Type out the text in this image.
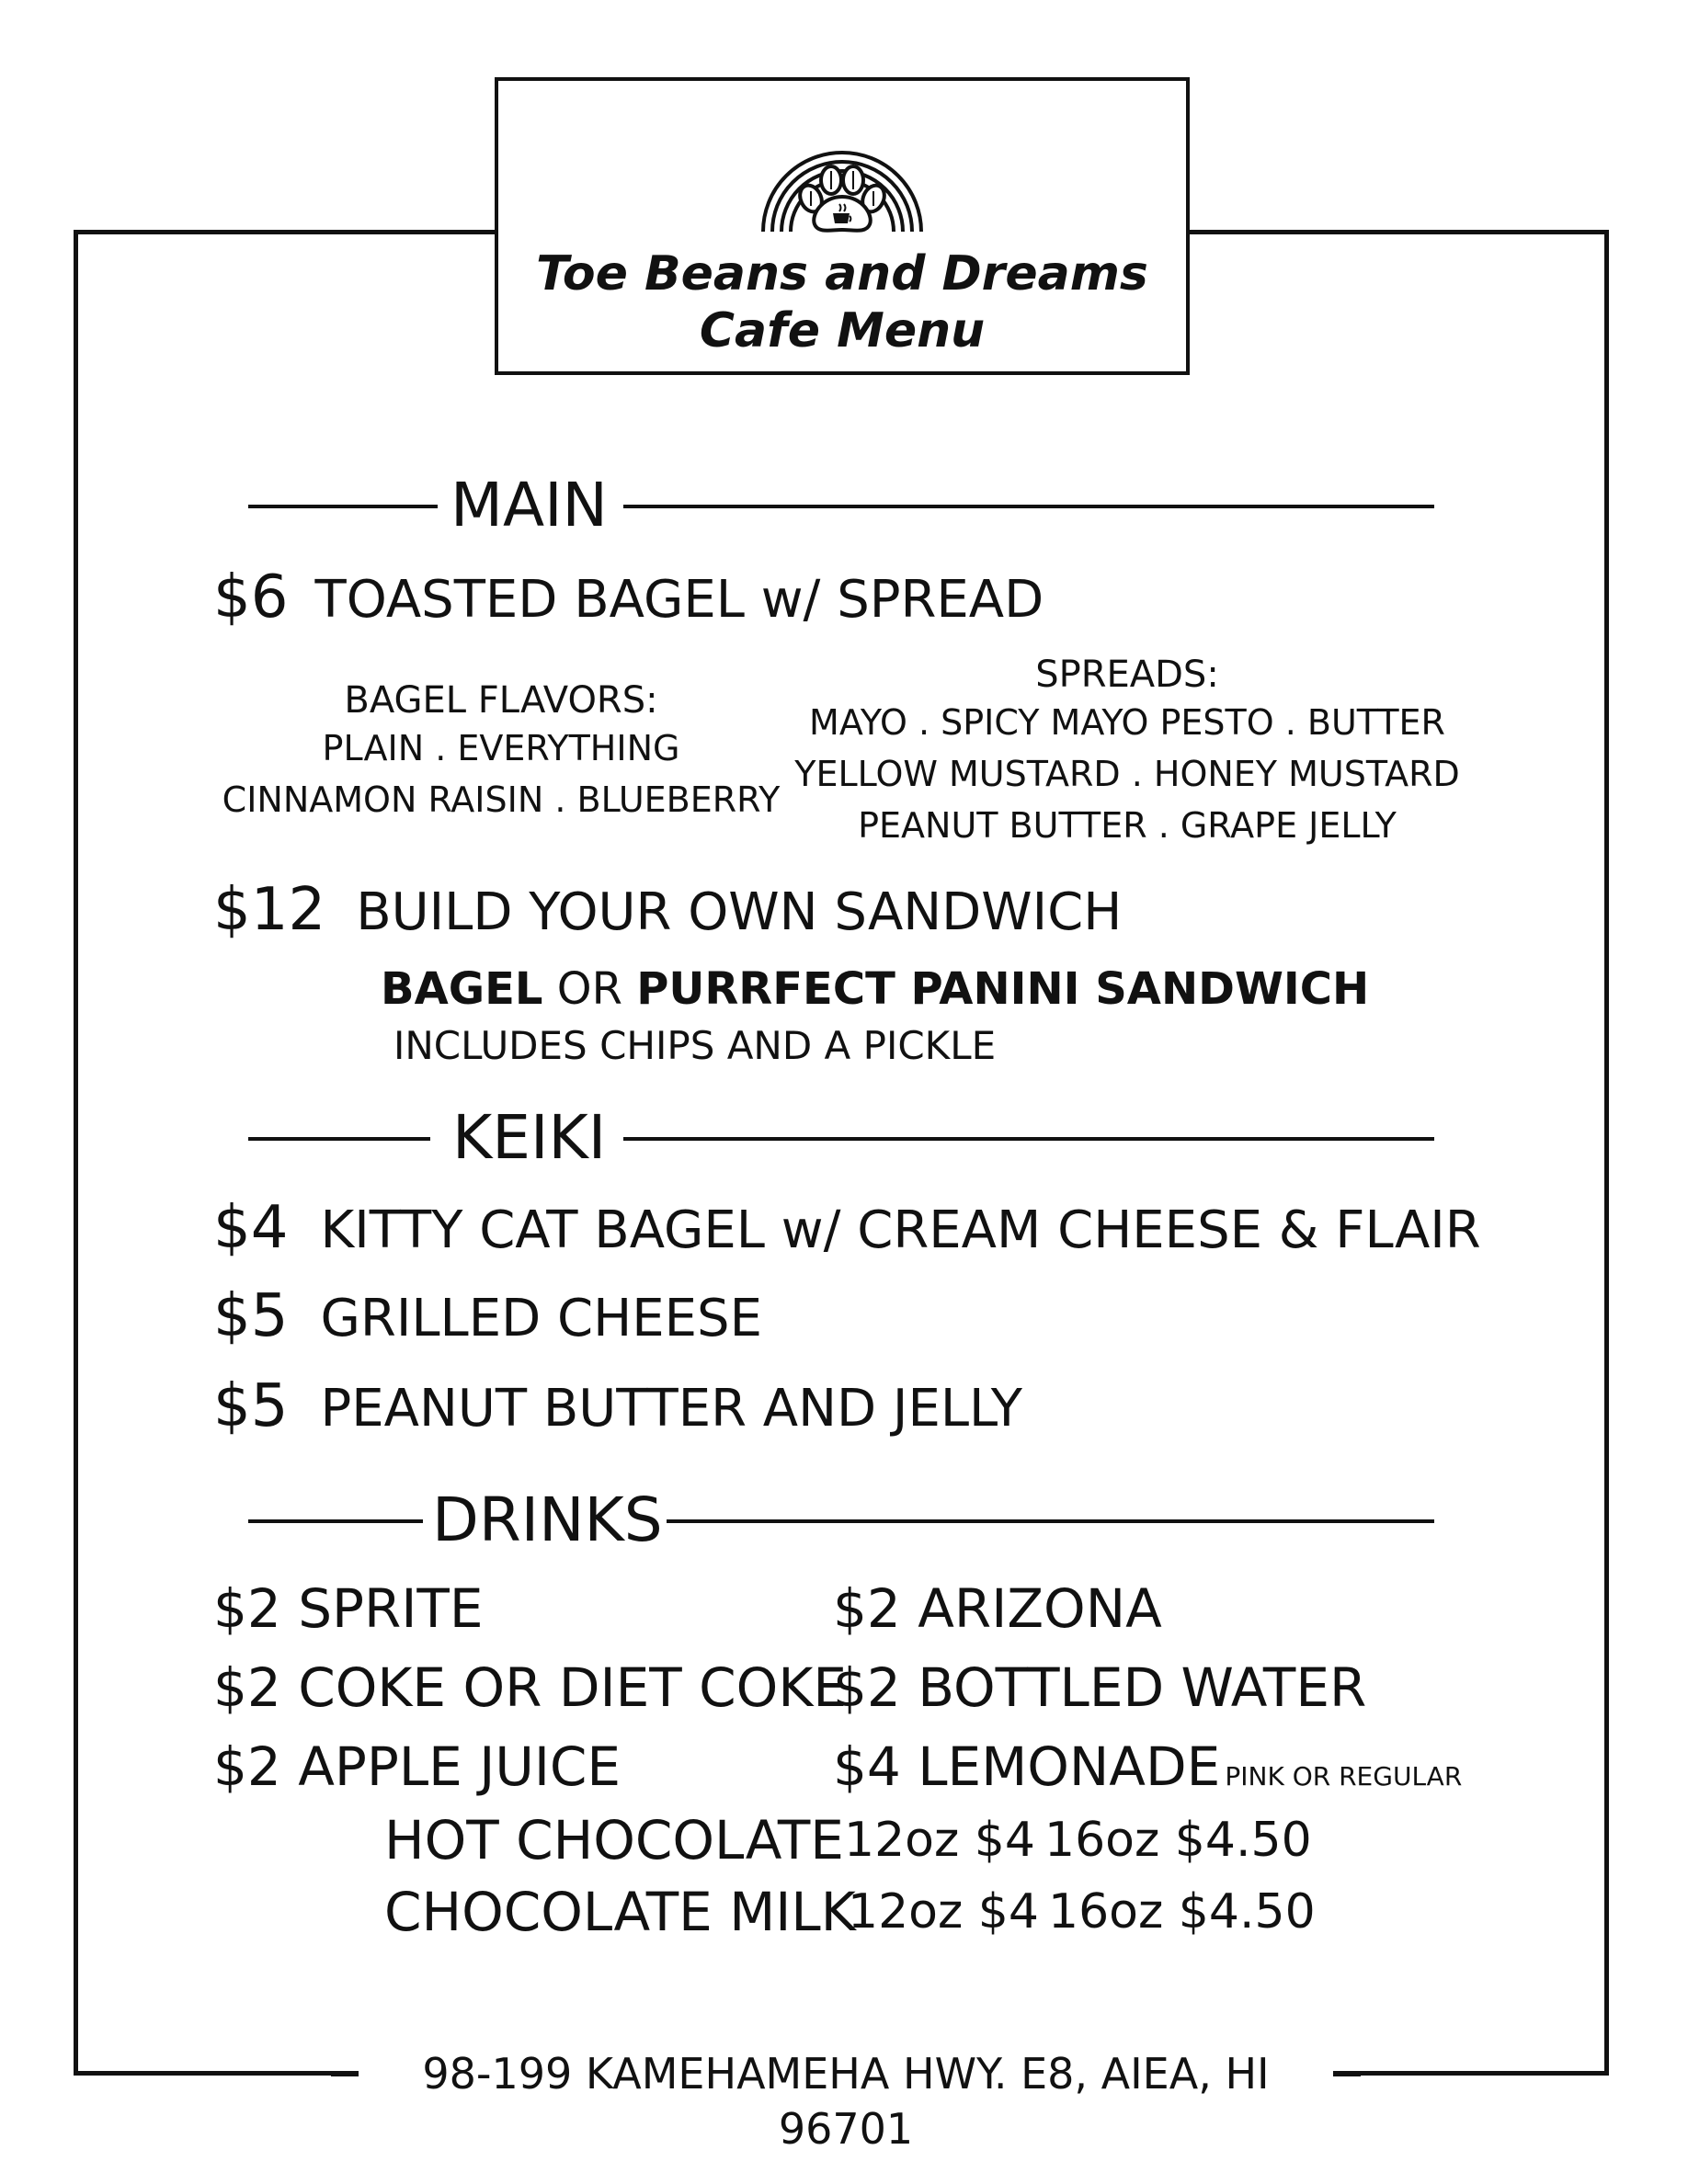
Toe Beans and Dreams
Cafe Menu
MAIN
$6 TOASTED BAGEL w/ SPREAD
BAGEL FLAVORS:
PLAIN . EVERYTHING
CINNAMON RAISIN . BLUEBERRY
SPREADS:
MAYO . SPICY MAYO PESTO . BUTTER
YELLOW MUSTARD . HONEY MUSTARD
PEANUT BUTTER . GRAPE JELLY
$12 BUILD YOUR OWN SANDWICH
BAGEL OR PURRFECT PANINI SANDWICH
INCLUDES CHIPS AND A PICKLE
KEIKI
$4 KITTY CAT BAGEL w/ CREAM CHEESE & FLAIR
$5 GRILLED CHEESE
$5 PEANUT BUTTER AND JELLY
DRINKS
$2 SPRITE
$2 COKE OR DIET COKE
$2 APPLE JUICE
$2 ARIZONA
$2 BOTTLED WATER
$4 LEMONADE PINK OR REGULAR
HOT CHOCOLATE 12oz $4 16oz $4.50
CHOCOLATE MILK
12oz $4 16oz $4.50
98-199 KAMEHAMEHA HWY. E8, AIEA, HI 96701
